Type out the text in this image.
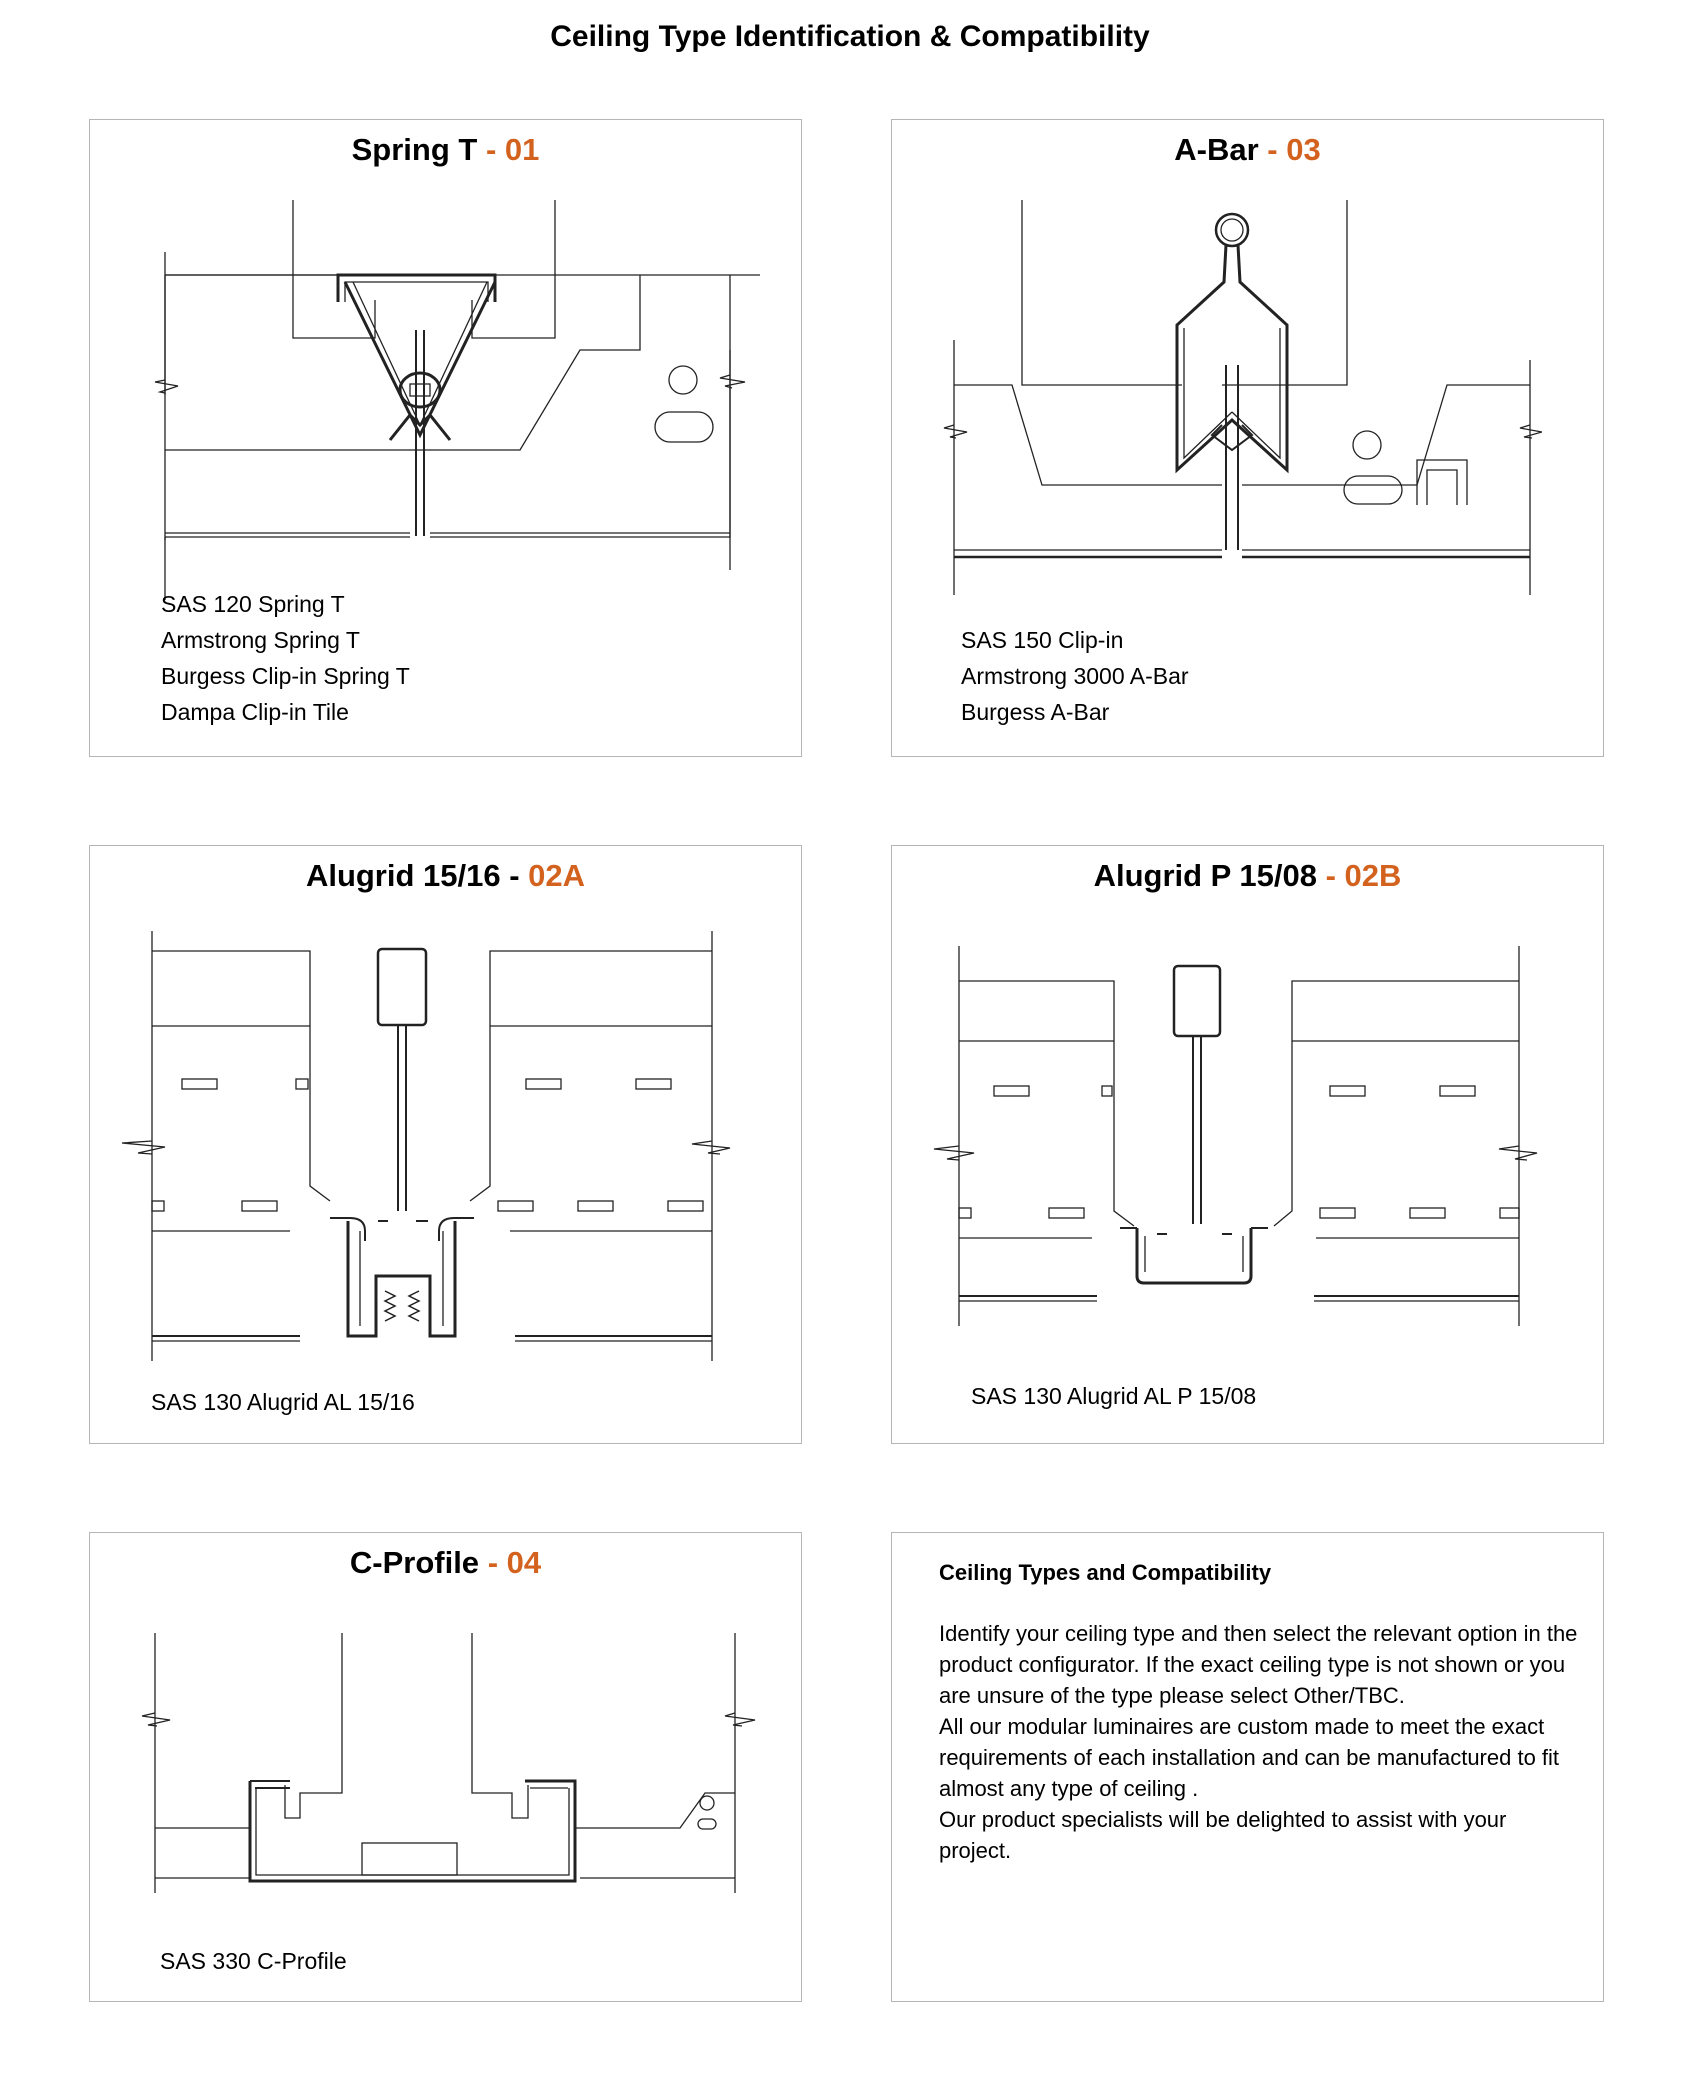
Ceiling Type Identification & Compatibility
Spring T - 01
SAS 120 Spring T
Armstrong Spring T
Burgess Clip-in Spring T
Dampa Clip-in Tile
A-Bar - 03
SAS 150 Clip-in
Armstrong 3000 A-Bar
Burgess A-Bar
Alugrid 15/16 - 02A
SAS 130 Alugrid AL 15/16
Alugrid P 15/08 - 02B
SAS 130 Alugrid AL P 15/08
C-Profile - 04
SAS 330 C-Profile
Ceiling Types and Compatibility

Identify your ceiling type and then select the relevant option in the product configurator. If the exact ceiling type is not shown or you are unsure of the type please select Other/TBC.

All our modular luminaires are custom made to meet the exact requirements of each installation and can be manufactured to fit almost any type of ceiling .

Our product specialists will be delighted to assist with your project.
